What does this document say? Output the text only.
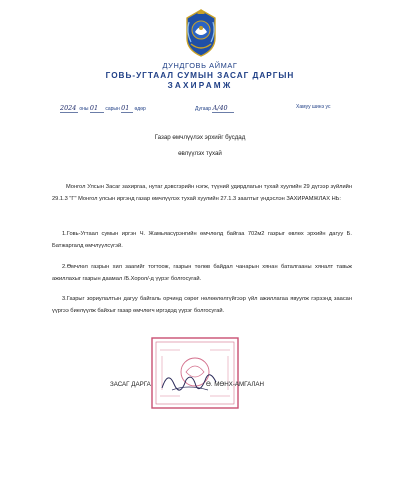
ДУНДГОВЬ АЙМАГ
ГОВЬ-УГТААЛ СУМЫН ЗАСАГ ДАРГЫН
ЗАХИРАМЖ
2024 оны 01 сарын 01 өдөр	Дугаар А/40	Хамуу шинэ ус
Газар өмчлүүлэх эрхийг бусдад
өвлүүлэх тухай
Монгол Улсын Засаг захиргаа, нутаг дэвсгэрийн нэгж, түүний удирдлагын тухай хуулийн 29 дүгээр зүйлийн 29.1.3 "Г" Монгол улсын иргэнд газар өмчлүүлэх тухай хуулийн 27.1.3 заалтыг үндэслэн ЗАХИРАМЖЛАХ НЬ:
1.Говь-Угтаал сумын иргэн Ч. Жамьяасүрэнгийн өмчлөлд байгаа 702м2 газрыг өвлөх эрхийн дагуу Б. Батжаргалд өмчлүүлсүгэй.
2.Өмчлөл газрын хил заагийг тогтоож, газрын төлөв байдал чанарын хянан баталгааны хяналт тавьж ажиллахыг газрын даамал /Б.Хорол/-д үүрэг болгосугай.
3.Газрыг зориулалтын дагуу байгаль орчинд сөрөг нөлөөлөлгүйгээр үйл ажиллагаа явуулж гэрээнд заасан үүргээ биелүүлж байхыг газар өмчлөгч иргэдэд үүрэг болгосугай.
ЗАСАГ ДАРГА	Ө. МӨНХ-АМГАЛАН
